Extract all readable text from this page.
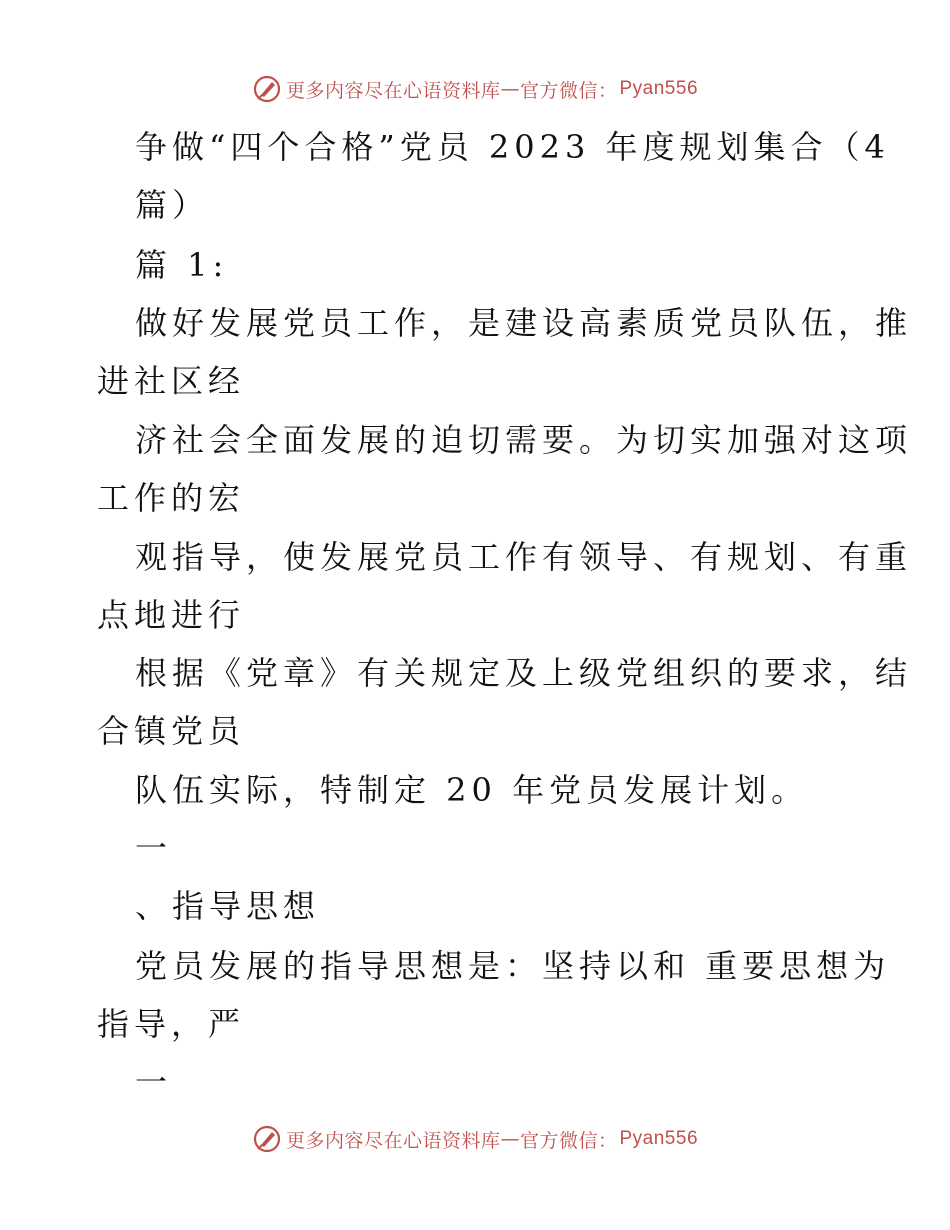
更多内容尽在心语资料库 — 官方微信： Pyan556
争做“四个合格”党员 2023 年度规划集合（4
篇）
篇 1:
做好发展党员工作，是建设高素质党员队伍，推
进社区经
济社会全面发展的迫切需要。为切实加强对这项
工作的宏
观指导，使发展党员工作有领导、有规划、有重
点地进行
根据《党章》有关规定及上级党组织的要求，结
合镇党员
队伍实际，特制定 20 年党员发展计划。
一
、指导思想
党员发展的指导思想是：坚持以和 重要思想为
指导，严
一
更多内容尽在心语资料库 — 官方微信： Pyan556
